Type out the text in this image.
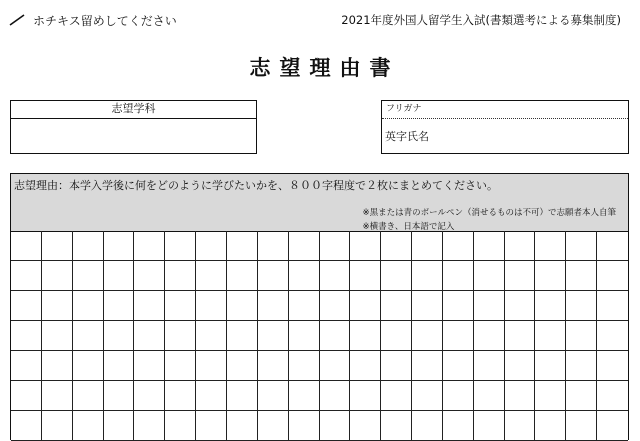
ホチキス留めしてください	2021年度外国人留学生入試(書類選考による募集制度)
志望理由書
志望学科	フリガナ
英字氏名
志望理由：本学入学後に何をどのように学びたいかを、８００字程度で２枚にまとめてください。
※黒または青のボールペン（消せるものは不可）で志願者本人自筆
※横書き、日本語で記入
